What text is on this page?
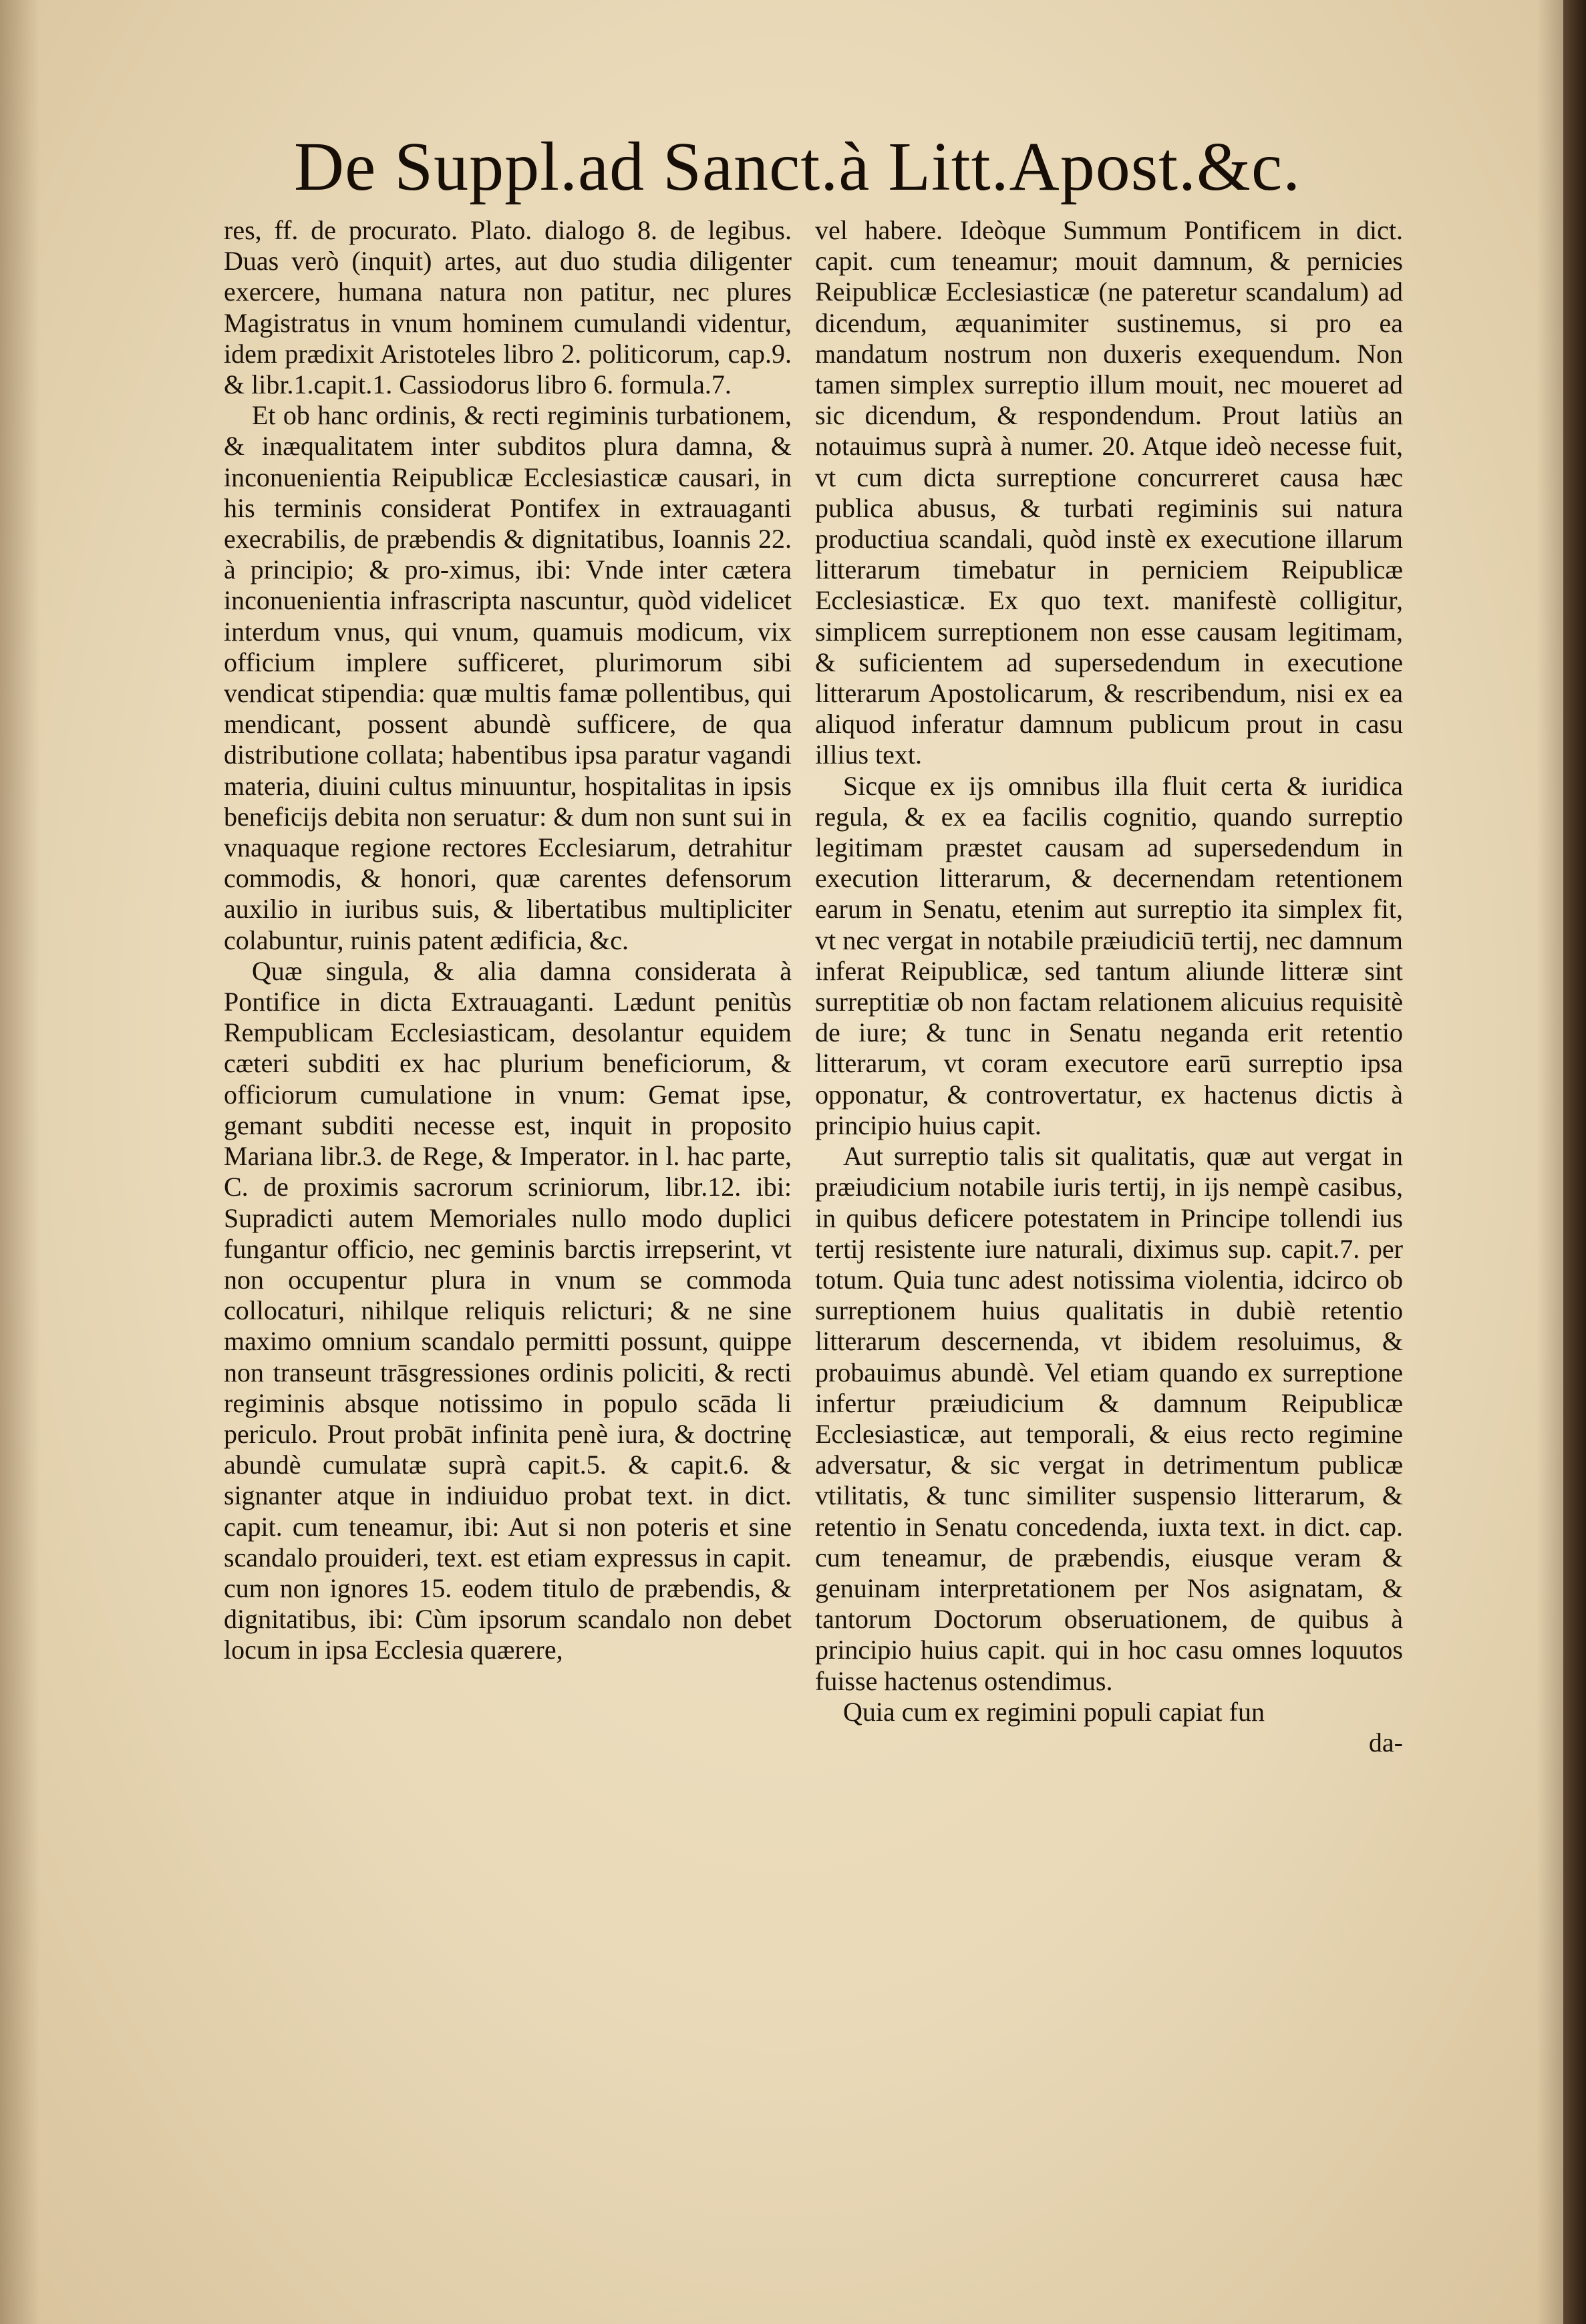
De Suppl.ad Sanct.à Litt.Apost.&c.

res, ff. de procurato. Plato. dialogo 8. de legibus. Duas verò (inquit) artes, aut duo studia diligenter exercere, humana natura non patitur, nec plures Magistratus in vnum hominem cumulandi videntur, idem prædixit Aristoteles libro 2. politicorum, cap.9. & libr.1.capit.1. Cassiodorus libro 6. formula.7.

Et ob hanc ordinis, & recti regiminis turbationem, & inæqualitatem inter subditos plura damna, & inconuenientia Reipublicæ Ecclesiasticæ causari, in his terminis considerat Pontifex in extrauaganti execrabilis, de præbendis & dignitatibus, Ioannis 22. à principio; & pro-ximus, ibi: Vnde inter cætera inconuenientia infrascripta nascuntur, quòd videlicet interdum vnus, qui vnum, quamuis modicum, vix officium implere sufficeret, plurimorum sibi vendicat stipendia: quæ multis famæ pollentibus, qui mendicant, possent abundè sufficere, de qua distributione collata; habentibus ipsa paratur vagandi materia, diuini cultus minuuntur, hospitalitas in ipsis beneficijs debita non seruatur: & dum non sunt sui in vnaquaque regione rectores Ecclesiarum, detrahitur commodis, & honori, quæ carentes defensorum auxilio in iuribus suis, & libertatibus multipliciter colabuntur, ruinis patent ædificia, &c.

Quæ singula, & alia damna considerata à Pontifice in dicta Extrauaganti. Lædunt penitùs Rempublicam Ecclesiasticam, desolantur equidem cæteri subditi ex hac plurium beneficiorum, & officiorum cumulatione in vnum: Gemat ipse, gemant subditi necesse est, inquit in proposito Mariana libr.3. de Rege, & Imperator. in l. hac parte, C. de proximis sacrorum scriniorum, libr.12. ibi: Supradicti autem Memoriales nullo modo duplici fungantur officio, nec geminis barctis irrepserint, vt non occupentur plura in vnum se commoda collocaturi, nihilque reliquis relicturi; & ne sine maximo omnium scandalo permitti possunt, quippe non transeunt trāsgressiones ordinis policiti, & recti regiminis absque notissimo in populo scāda li periculo. Prout probāt infinita penè iura, & doctrinę abundè cumulatæ suprà capit.5. & capit.6. & signanter atque in indiuiduo probat text. in dict. capit. cum teneamur, ibi: Aut si non poteris et sine scandalo prouideri, text. est etiam expressus in capit. cum non ignores 15. eodem titulo de præbendis, & dignitatibus, ibi: Cùm ipsorum scandalo non debet locum in ipsa Ecclesia quærere,

vel habere. Ideòque Summum Pontificem in dict. capit. cum teneamur; mouit damnum, & pernicies Reipublicæ Ecclesiasticæ (ne pateretur scandalum) ad dicendum, æquanimiter sustinemus, si pro ea mandatum nostrum non duxeris exequendum. Non tamen simplex surreptio illum mouit, nec moueret ad sic dicendum, & respondendum. Prout latiùs an notauimus suprà à numer. 20. Atque ideò necesse fuit, vt cum dicta surreptione concurreret causa hæc publica abusus, & turbati regiminis sui natura productiua scandali, quòd instè ex executione illarum litterarum timebatur in perniciem Reipublicæ Ecclesiasticæ. Ex quo text. manifestè colligitur, simplicem surreptionem non esse causam legitimam, & suficientem ad supersedendum in executione litterarum Apostolicarum, & rescribendum, nisi ex ea aliquod inferatur damnum publicum prout in casu illius text.

Sicque ex ijs omnibus illa fluit certa & iuridica regula, & ex ea facilis cognitio, quando surreptio legitimam præstet causam ad supersedendum in execution litterarum, & decernendam retentionem earum in Senatu, etenim aut surreptio ita simplex fit, vt nec vergat in notabile præiudiciū tertij, nec damnum inferat Reipublicæ, sed tantum aliunde litteræ sint surreptitiæ ob non factam relationem alicuius requisitè de iure; & tunc in Senatu neganda erit retentio litterarum, vt coram executore earū surreptio ipsa opponatur, & controvertatur, ex hactenus dictis à principio huius capit.

Aut surreptio talis sit qualitatis, quæ aut vergat in præiudicium notabile iuris tertij, in ijs nempè casibus, in quibus deficere potestatem in Principe tollendi ius tertij resistente iure naturali, diximus sup. capit.7. per totum. Quia tunc adest notissima violentia, idcirco ob surreptionem huius qualitatis in dubiè retentio litterarum descernenda, vt ibidem resoluimus, & probauimus abundè. Vel etiam quando ex surreptione infertur præiudicium & damnum Reipublicæ Ecclesiasticæ, aut temporali, & eius recto regimine adversatur, & sic vergat in detrimentum publicæ vtilitatis, & tunc similiter suspensio litterarum, & retentio in Senatu concedenda, iuxta text. in dict. cap. cum teneamur, de præbendis, eiusque veram & genuinam interpretationem per Nos asignatam, & tantorum Doctorum obseruationem, de quibus à principio huius capit. qui in hoc casu omnes loquutos fuisse hactenus ostendimus.

Quia cum ex regimini populi capiat fun

da-
